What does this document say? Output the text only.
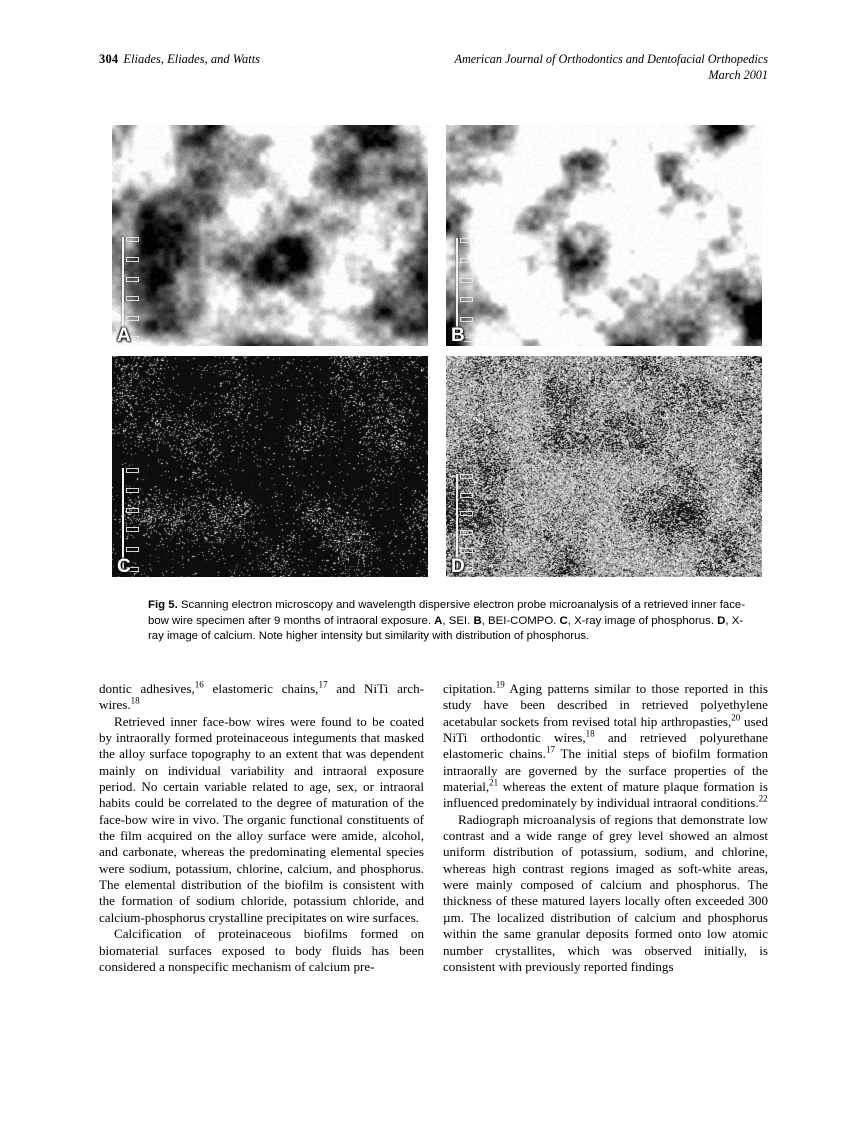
304 Eliades, Eliades, and Watts	American Journal of Orthodontics and Dentofacial Orthopedics
March 2001
A	B
C	D
Fig 5. Scanning electron microscopy and wavelength dispersive electron probe microanalysis of a retrieved inner face-bow wire specimen after 9 months of intraoral exposure. A, SEI. B, BEI-COMPO. C, X-ray image of phosphorus. D, X-ray image of calcium. Note higher intensity but similarity with distribution of phosphorus.

dontic adhesives,$^{16}$ elastomeric chains,$^{17}$ and NiTi arch-wires.$^{18}$

Retrieved inner face-bow wires were found to be coated by intraorally formed proteinaceous integuments that masked the alloy surface topography to an extent that was dependent mainly on individual variability and intraoral exposure period. No certain variable related to age, sex, or intraoral habits could be correlated to the degree of maturation of the face-bow wire in vivo. The organic functional constituents of the film acquired on the alloy surface were amide, alcohol, and carbonate, whereas the predominating elemental species were sodium, potassium, chlorine, calcium, and phosphorus. The elemental distribution of the biofilm is consistent with the formation of sodium chloride, potassium chloride, and calcium-phosphorus crystalline precipitates on wire surfaces.

Calcification of proteinaceous biofilms formed on biomaterial surfaces exposed to body fluids has been considered a nonspecific mechanism of calcium pre-

cipitation.$^{19}$ Aging patterns similar to those reported in this study have been described in retrieved polyethylene acetabular sockets from revised total hip arthropasties,$^{20}$ used NiTi orthodontic wires,$^{18}$ and retrieved polyurethane elastomeric chains.$^{17}$ The initial steps of biofilm formation intraorally are governed by the surface properties of the material,$^{21}$ whereas the extent of mature plaque formation is influenced predominately by individual intraoral conditions.$^{22}$

Radiograph microanalysis of regions that demonstrate low contrast and a wide range of grey level showed an almost uniform distribution of potassium, sodium, and chlorine, whereas high contrast regions imaged as soft-white areas, were mainly composed of calcium and phosphorus. The thickness of these matured layers locally often exceeded 300 µm. The localized distribution of calcium and phosphorus within the same granular deposits formed onto low atomic number crystallites, which was observed initially, is consistent with previously reported findings
